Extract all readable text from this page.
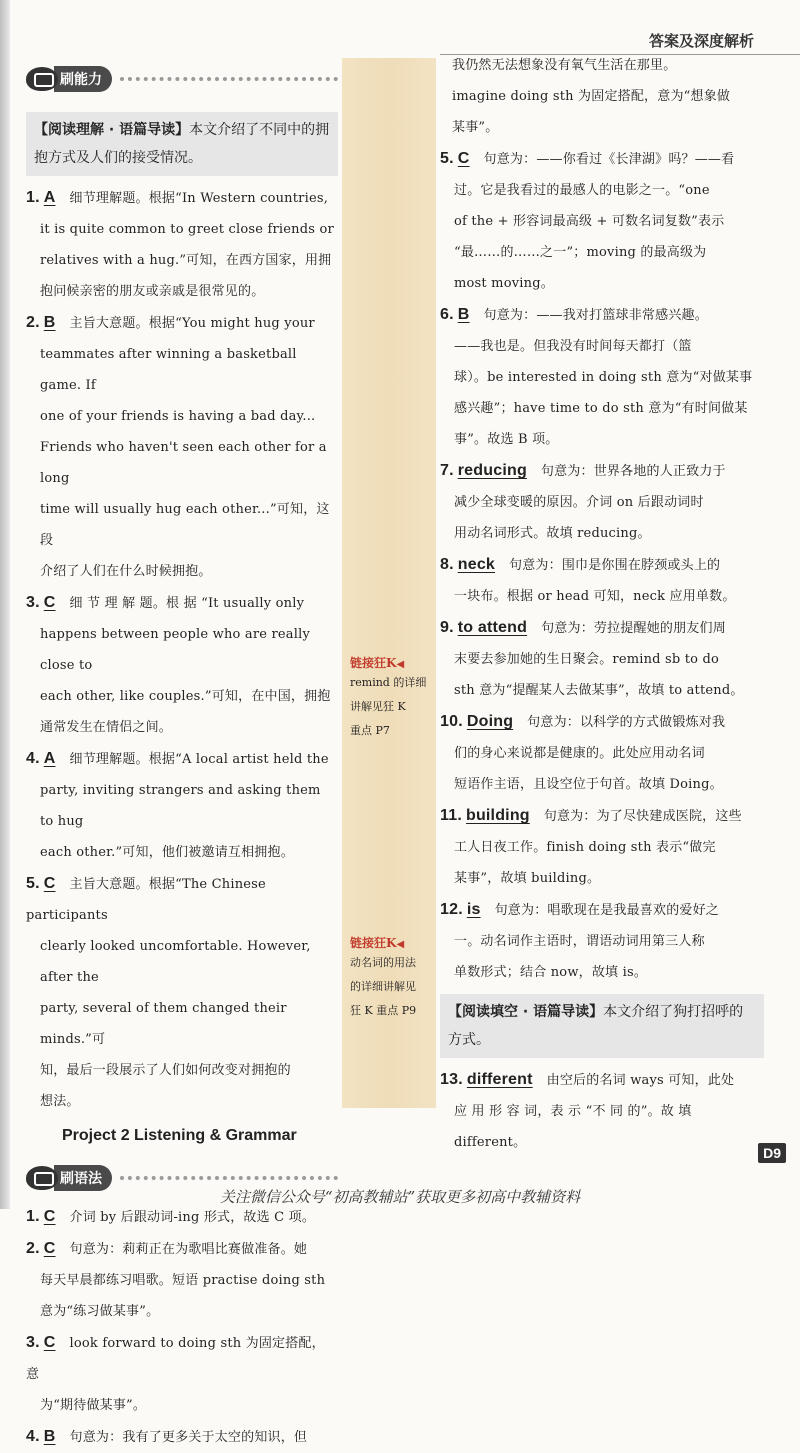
答案及深度解析
刷能力
【阅读理解 · 语篇导读】本文介绍了不同中的拥抱方式及人们的接受情况。
1. A 细节理解题。根据“In Western countries,
it is quite common to greet close friends or
relatives with a hug.”可知，在西方国家，用拥
抱问候亲密的朋友或亲戚是很常见的。
2. B 主旨大意题。根据“You might hug your
teammates after winning a basketball game. If
one of your friends is having a bad day...
Friends who haven't seen each other for a long
time will usually hug each other...”可知，这段
介绍了人们在什么时候拥抱。
3. C 细 节 理 解 题。根 据 “It usually only
happens between people who are really close to
each other, like couples.”可知，在中国，拥抱
通常发生在情侣之间。
4. A 细节理解题。根据“A local artist held the
party, inviting strangers and asking them to hug
each other.”可知，他们被邀请互相拥抱。
5. C 主旨大意题。根据“The Chinese participants
clearly looked uncomfortable. However, after the
party, several of them changed their minds.”可
知，最后一段展示了人们如何改变对拥抱的
想法。
Project 2 Listening & Grammar
刷语法
1. C 介词 by 后跟动词-ing 形式，故选 C 项。
2. C 句意为：莉莉正在为歌唱比赛做准备。她
每天早晨都练习唱歌。短语 practise doing sth
意为“练习做某事”。
3. C look forward to doing sth 为固定搭配，意
为“期待做某事”。
4. B 句意为：我有了更多关于太空的知识，但
链接狂K◀
remind 的详细
讲解见狂 K
重点 P7
链接狂K◀
动名词的用法
的详细讲解见
狂 K 重点 P9
我仍然无法想象没有氧气生活在那里。
imagine doing sth 为固定搭配，意为“想象做
某事”。
5. C 句意为：——你看过《长津湖》吗？——看
过。它是我看过的最感人的电影之一。“one
of the + 形容词最高级 + 可数名词复数”表示
“最……的……之一”；moving 的最高级为
most moving。
6. B 句意为：——我对打篮球非常感兴趣。
——我也是。但我没有时间每天都打（篮
球）。be interested in doing sth 意为“对做某事
感兴趣”；have time to do sth 意为“有时间做某
事”。故选 B 项。
7. reducing 句意为：世界各地的人正致力于
减少全球变暖的原因。介词 on 后跟动词时
用动名词形式。故填 reducing。
8. neck 句意为：围巾是你围在脖颈或头上的
一块布。根据 or head 可知，neck 应用单数。
9. to attend 句意为：劳拉提醒她的朋友们周
末要去参加她的生日聚会。remind sb to do
sth 意为“提醒某人去做某事”，故填 to attend。
10. Doing 句意为：以科学的方式做锻炼对我
们的身心来说都是健康的。此处应用动名词
短语作主语，且设空位于句首。故填 Doing。
11. building 句意为：为了尽快建成医院，这些
工人日夜工作。finish doing sth 表示“做完
某事”，故填 building。
12. is 句意为：唱歌现在是我最喜欢的爱好之
一。动名词作主语时，谓语动词用第三人称
单数形式；结合 now，故填 is。
【阅读填空 · 语篇导读】本文介绍了狗打招呼的方式。
13. different 由空后的名词 ways 可知，此处
应 用 形 容 词，表 示 “不 同 的”。故 填
different。
D9
关注微信公众号“初高教辅站”获取更多初高中教辅资料
